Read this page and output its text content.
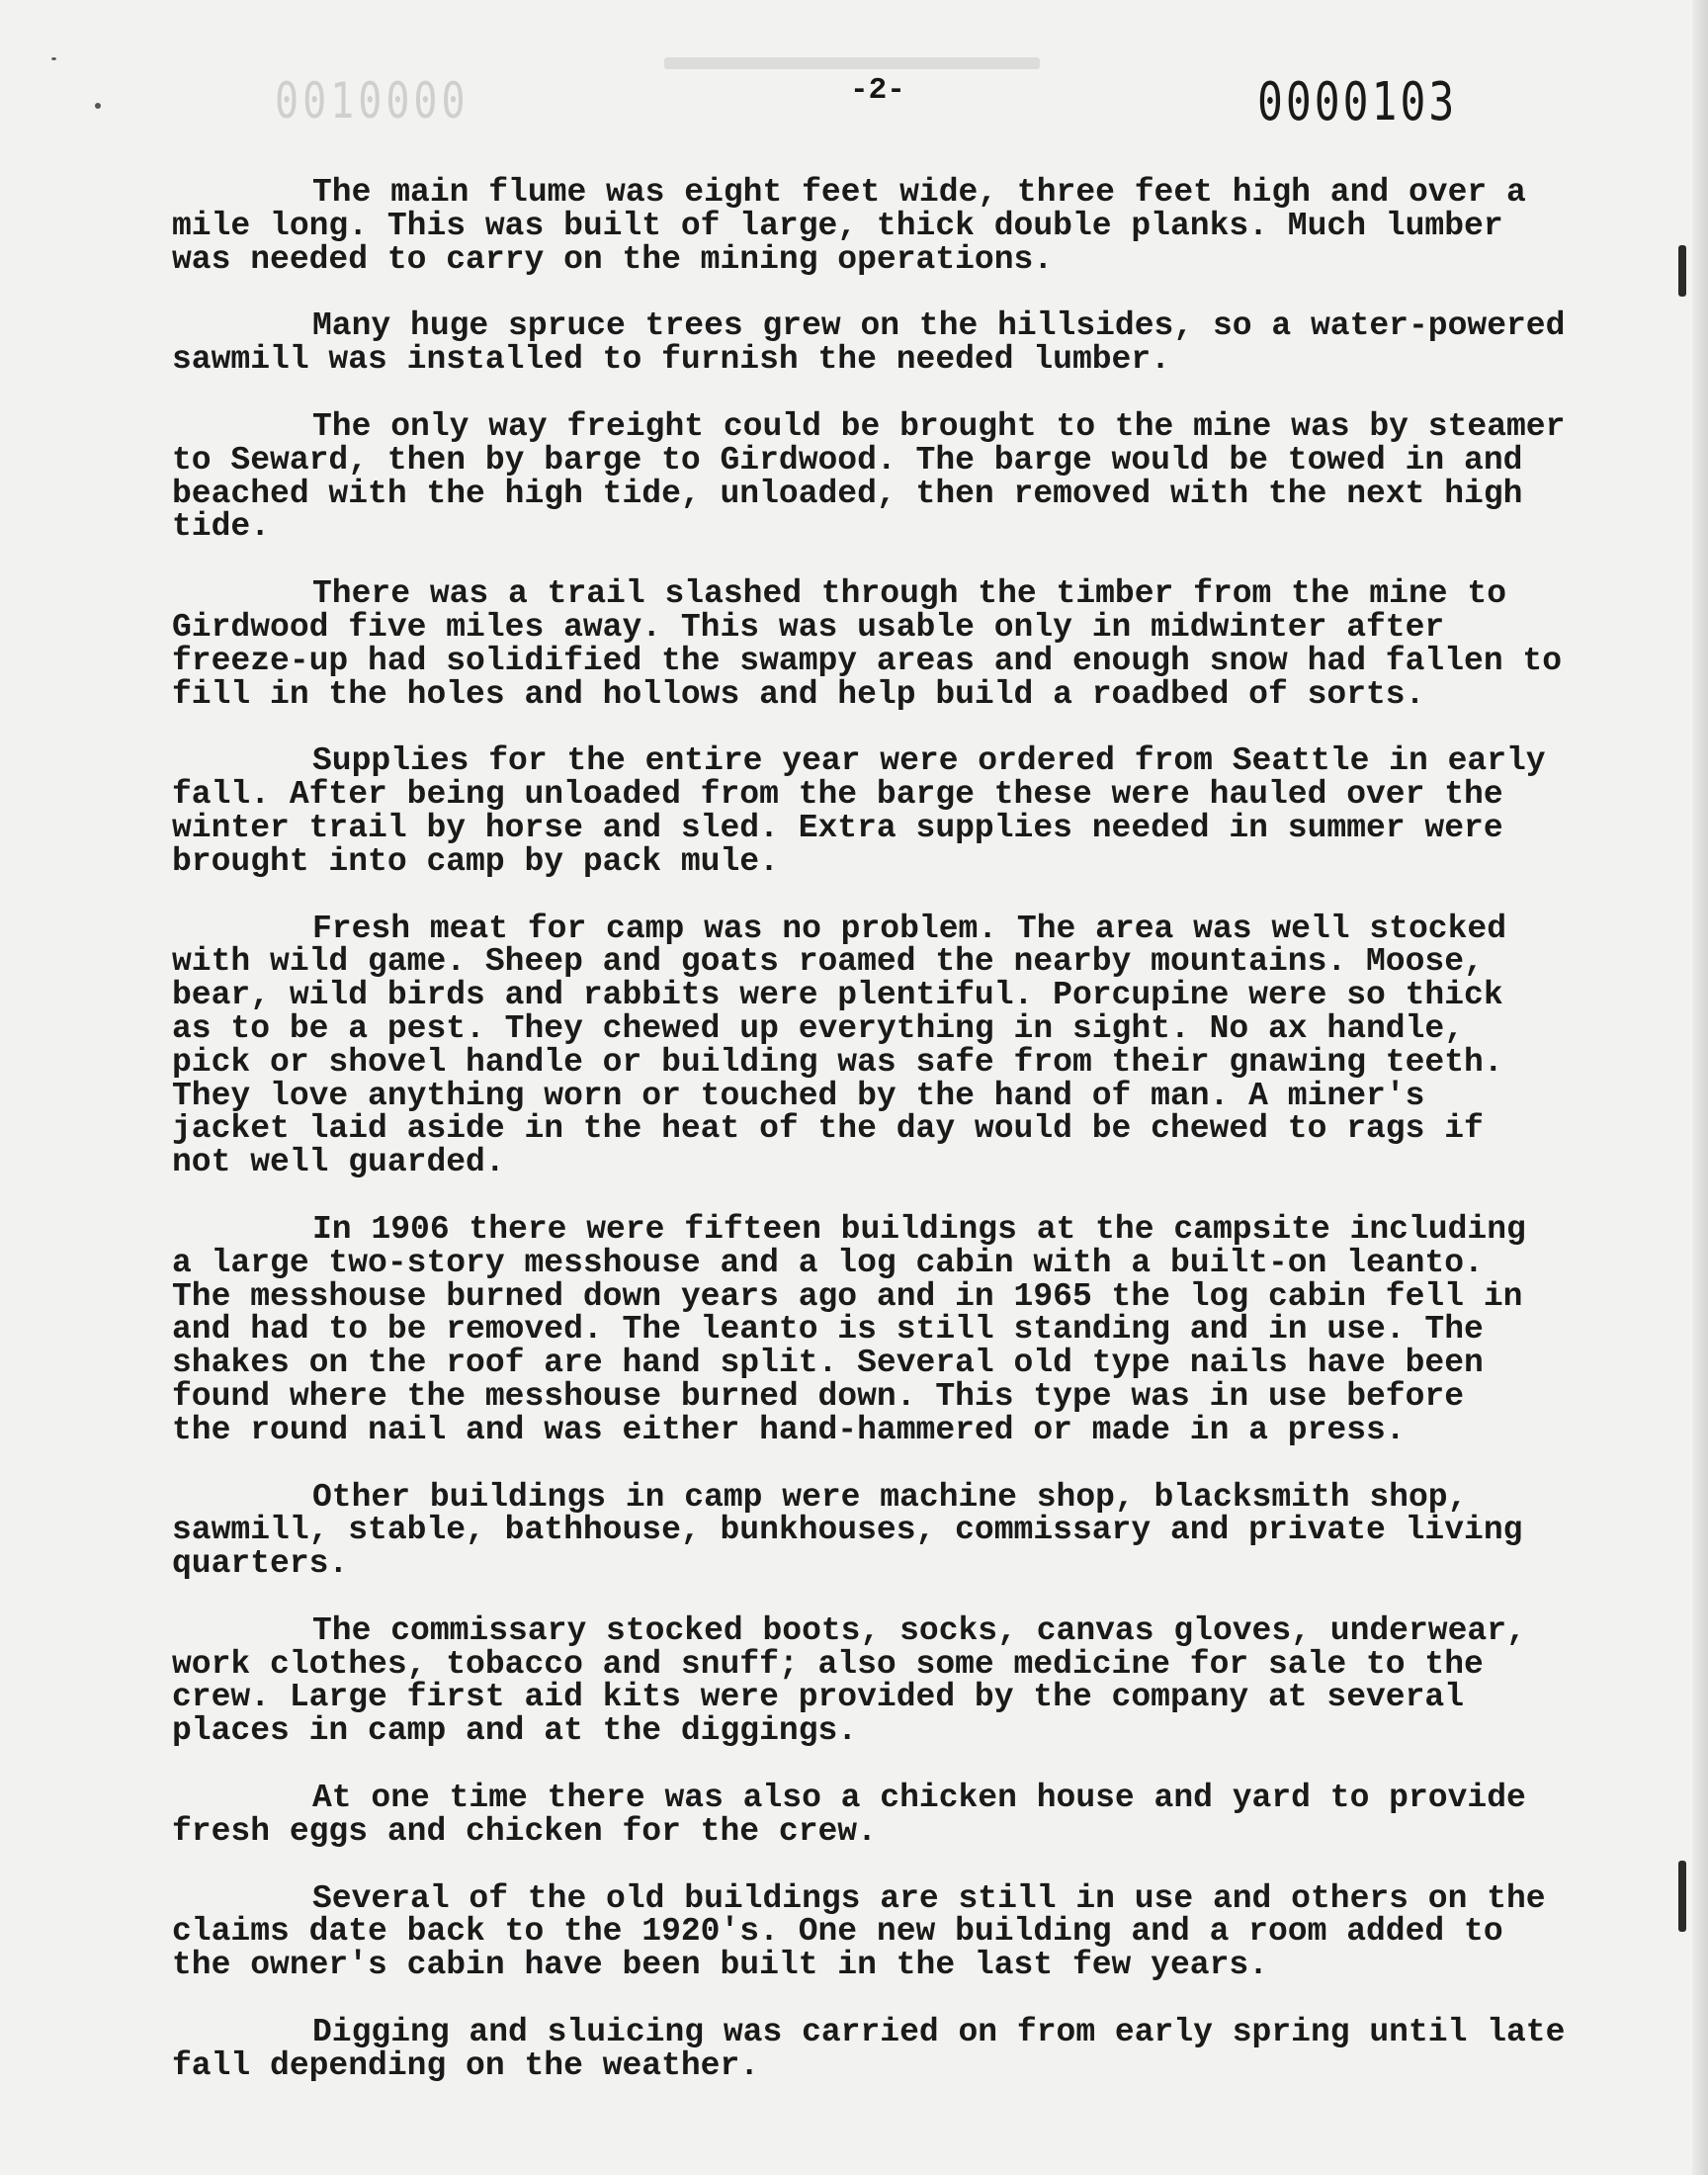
0010000	-2-	0000103

The main flume was eight feet wide, three feet high and over a
mile long. This was built of large, thick double planks. Much lumber
was needed to carry on the mining operations.

Many huge spruce trees grew on the hillsides, so a water-powered
sawmill was installed to furnish the needed lumber.

The only way freight could be brought to the mine was by steamer
to Seward, then by barge to Girdwood. The barge would be towed in and
beached with the high tide, unloaded, then removed with the next high
tide.

There was a trail slashed through the timber from the mine to
Girdwood five miles away. This was usable only in midwinter after
freeze-up had solidified the swampy areas and enough snow had fallen to
fill in the holes and hollows and help build a roadbed of sorts.

Supplies for the entire year were ordered from Seattle in early
fall. After being unloaded from the barge these were hauled over the
winter trail by horse and sled. Extra supplies needed in summer were
brought into camp by pack mule.

Fresh meat for camp was no problem. The area was well stocked
with wild game. Sheep and goats roamed the nearby mountains. Moose,
bear, wild birds and rabbits were plentiful. Porcupine were so thick
as to be a pest. They chewed up everything in sight. No ax handle,
pick or shovel handle or building was safe from their gnawing teeth.
They love anything worn or touched by the hand of man. A miner's
jacket laid aside in the heat of the day would be chewed to rags if
not well guarded.

In 1906 there were fifteen buildings at the campsite including
a large two-story messhouse and a log cabin with a built-on leanto.
The messhouse burned down years ago and in 1965 the log cabin fell in
and had to be removed. The leanto is still standing and in use. The
shakes on the roof are hand split. Several old type nails have been
found where the messhouse burned down. This type was in use before
the round nail and was either hand-hammered or made in a press.

Other buildings in camp were machine shop, blacksmith shop,
sawmill, stable, bathhouse, bunkhouses, commissary and private living
quarters.

The commissary stocked boots, socks, canvas gloves, underwear,
work clothes, tobacco and snuff; also some medicine for sale to the
crew. Large first aid kits were provided by the company at several
places in camp and at the diggings.

At one time there was also a chicken house and yard to provide
fresh eggs and chicken for the crew.

Several of the old buildings are still in use and others on the
claims date back to the 1920's. One new building and a room added to
the owner's cabin have been built in the last few years.

Digging and sluicing was carried on from early spring until late
fall depending on the weather.
